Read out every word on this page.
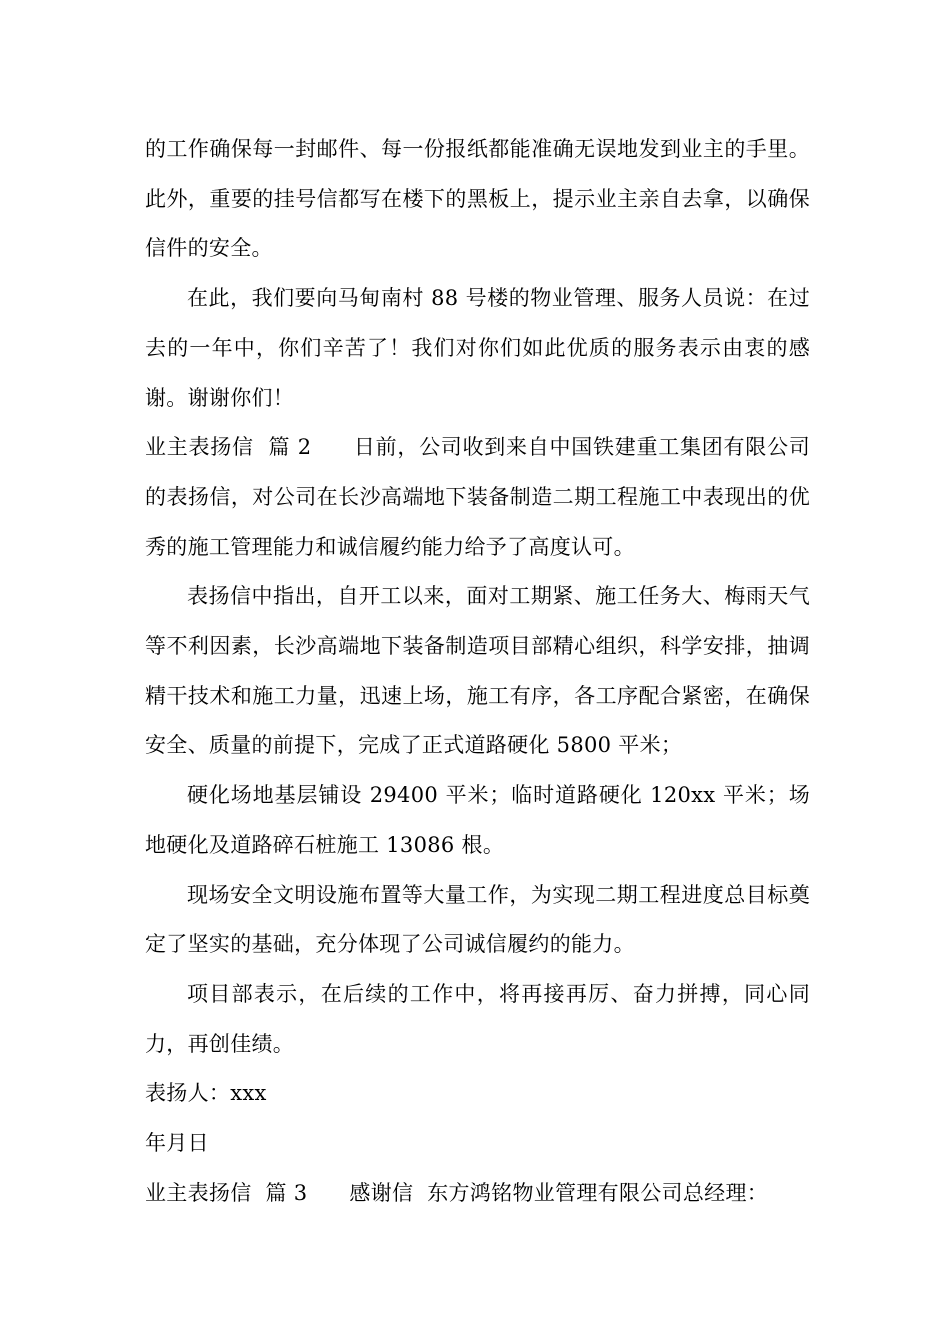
的工作确保每一封邮件、每一份报纸都能准确无误地发到业主的手里。此外，重要的挂号信都写在楼下的黑板上，提示业主亲自去拿，以确保信件的安全。

在此，我们要向马甸南村 88 号楼的物业管理、服务人员说：在过去的一年中，你们辛苦了！我们对你们如此优质的服务表示由衷的感谢。谢谢你们！

业主表扬信  篇 2 日前，公司收到来自中国铁建重工集团有限公司的表扬信，对公司在长沙高端地下装备制造二期工程施工中表现出的优秀的施工管理能力和诚信履约能力给予了高度认可。

表扬信中指出，自开工以来，面对工期紧、施工任务大、梅雨天气等不利因素，长沙高端地下装备制造项目部精心组织，科学安排，抽调精干技术和施工力量，迅速上场，施工有序，各工序配合紧密，在确保安全、质量的前提下，完成了正式道路硬化 5800 平米；

硬化场地基层铺设 29400 平米；临时道路硬化 120xx 平米；场地硬化及道路碎石桩施工 13086 根。

现场安全文明设施布置等大量工作，为实现二期工程进度总目标奠定了坚实的基础，充分体现了公司诚信履约的能力。

项目部表示，在后续的工作中，将再接再厉、奋力拼搏，同心同力，再创佳绩。

表扬人：xxx

年月日

业主表扬信  篇 3 感谢信  东方鸿铭物业管理有限公司总经理：
